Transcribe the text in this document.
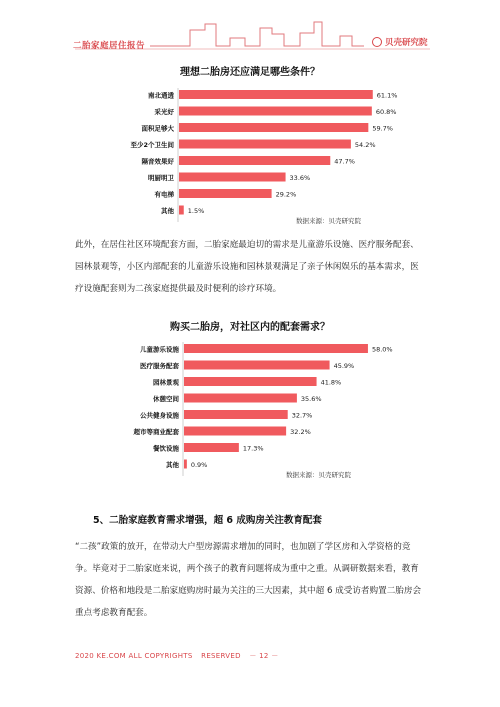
二胎家庭居住报告	贝壳研究院
理想二胎房还应满足哪些条件？
南北通透	61.1%
采光好	60.8%
面积足够大	59.7%
至少2个卫生间	54.2%
隔音效果好	47.7%
明厨明卫	33.6%
有电梯	29.2%
其他 1.5%
数据来源：贝壳研究院

此外，在居住社区环境配套方面，二胎家庭最迫切的需求是儿童游乐设施、医疗服务配套、园林景观等，小区内部配套的儿童游乐设施和园林景观满足了亲子休闲娱乐的基本需求，医疗设施配套则为二孩家庭提供最及时便利的诊疗环境。

购买二胎房，对社区内的配套需求？
儿童游乐设施	58.0%
医疗服务配套	45.9%
园林景观	41.8%
休憩空间	35.6%
公共健身设施	32.7%
超市等商业配套	32.2%
餐饮设施	17.3%
其他 0.9%
数据来源：贝壳研究院
5、二胎家庭教育需求增强，超 6 成购房关注教育配套

“二孩”政策的放开，在带动大户型房源需求增加的同时，也加剧了学区房和入学资格的竞争。毕竟对于二胎家庭来说，两个孩子的教育问题将成为重中之重。从调研数据来看，教育资源、价格和地段是二胎家庭购房时最为关注的三大因素，其中超 6 成受访者购置二胎房会重点考虑教育配套。

2020 KE.COM ALL COPYRIGHTS RESERVED － 12 －
